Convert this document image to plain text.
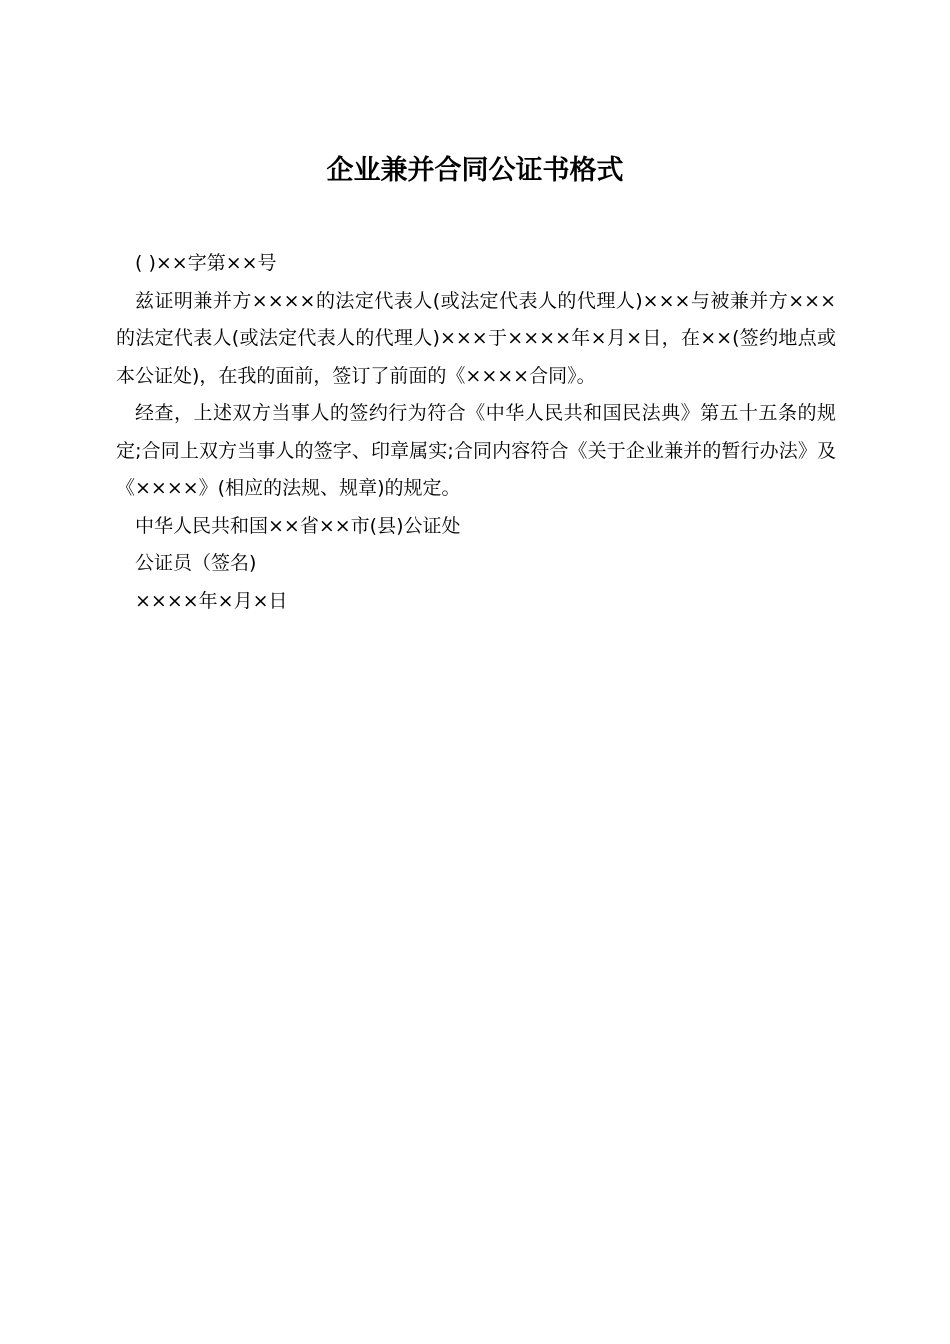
企业兼并合同公证书格式

( )××字第××号

兹证明兼并方××××的法定代表人(或法定代表人的代理人)×××与被兼并方×××的法定代表人(或法定代表人的代理人)×××于××××年×月×日，在××(签约地点或本公证处)，在我的面前，签订了前面的《××××合同》。

经查，上述双方当事人的签约行为符合《中华人民共和国民法典》第五十五条的规定;合同上双方当事人的签字、印章属实;合同内容符合《关于企业兼并的暂行办法》及《××××》(相应的法规、规章)的规定。

中华人民共和国××省××市(县)公证处

公证员（签名)

××××年×月×日
